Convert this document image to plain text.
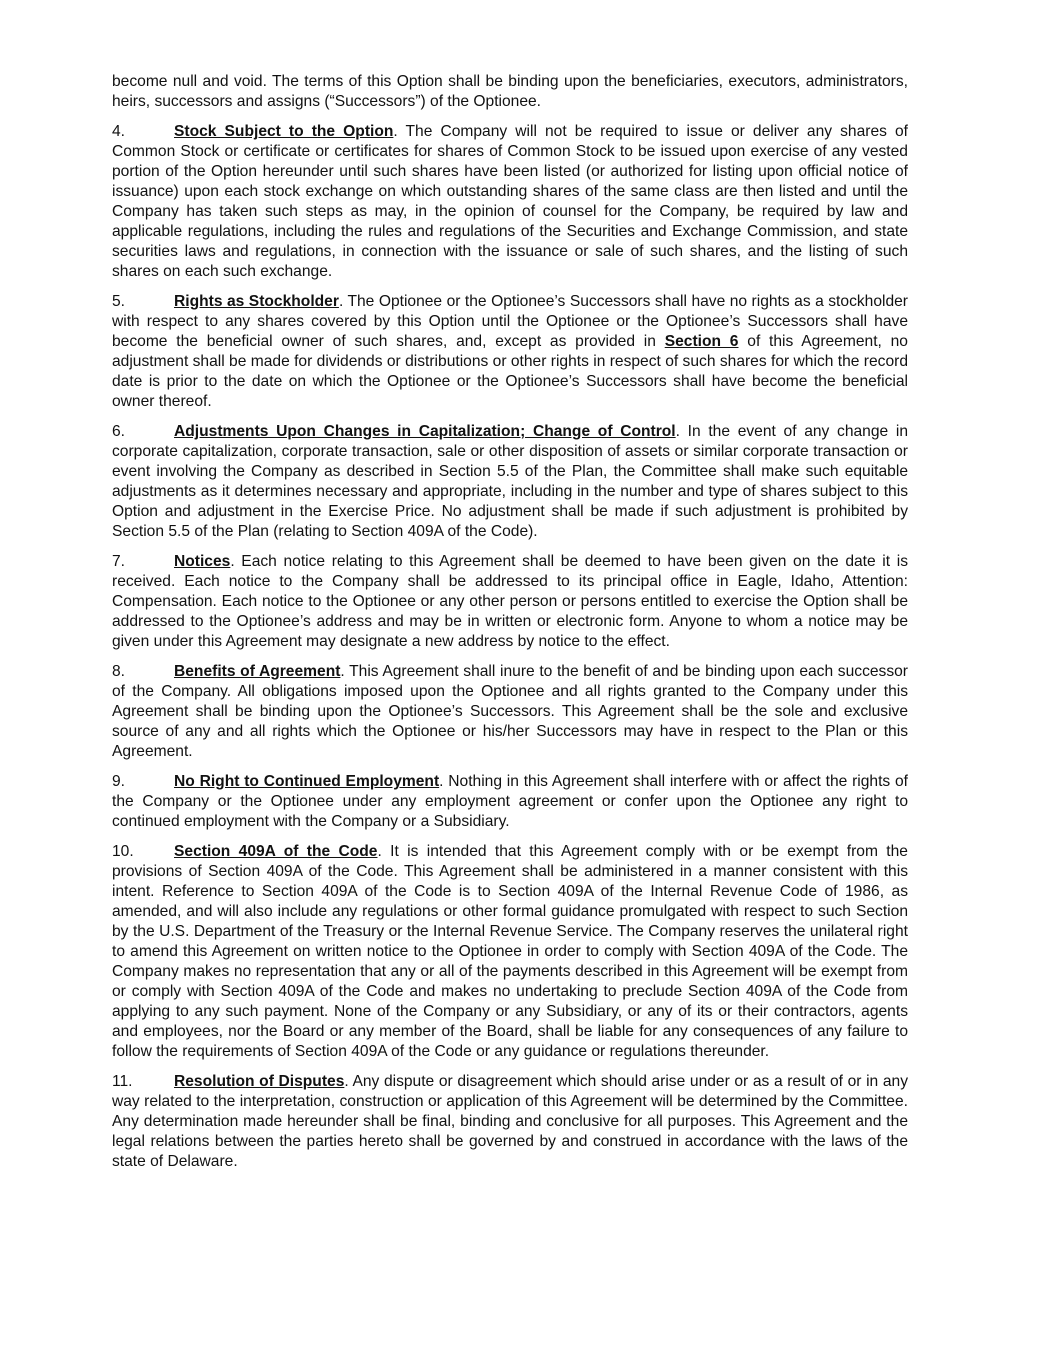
become null and void. The terms of this Option shall be binding upon the beneficiaries, executors, administrators, heirs, successors and assigns (“Successors”) of the Optionee.

4.	Stock Subject to the Option. The Company will not be required to issue or deliver any shares of Common Stock or certificate or certificates for shares of Common Stock to be issued upon exercise of any vested portion of the Option hereunder until such shares have been listed (or authorized for listing upon official notice of issuance) upon each stock exchange on which outstanding shares of the same class are then listed and until the Company has taken such steps as may, in the opinion of counsel for the Company, be required by law and applicable regulations, including the rules and regulations of the Securities and Exchange Commission, and state securities laws and regulations, in connection with the issuance or sale of such shares, and the listing of such shares on each such exchange.

5.	Rights as Stockholder. The Optionee or the Optionee’s Successors shall have no rights as a stockholder with respect to any shares covered by this Option until the Optionee or the Optionee’s Successors shall have become the beneficial owner of such shares, and, except as provided in Section 6 of this Agreement, no adjustment shall be made for dividends or distributions or other rights in respect of such shares for which the record date is prior to the date on which the Optionee or the Optionee’s Successors shall have become the beneficial owner thereof.

6.	Adjustments Upon Changes in Capitalization; Change of Control. In the event of any change in corporate capitalization, corporate transaction, sale or other disposition of assets or similar corporate transaction or event involving the Company as described in Section 5.5 of the Plan, the Committee shall make such equitable adjustments as it determines necessary and appropriate, including in the number and type of shares subject to this Option and adjustment in the Exercise Price. No adjustment shall be made if such adjustment is prohibited by Section 5.5 of the Plan (relating to Section 409A of the Code).

7.	Notices. Each notice relating to this Agreement shall be deemed to have been given on the date it is received. Each notice to the Company shall be addressed to its principal office in Eagle, Idaho, Attention: Compensation. Each notice to the Optionee or any other person or persons entitled to exercise the Option shall be addressed to the Optionee’s address and may be in written or electronic form. Anyone to whom a notice may be given under this Agreement may designate a new address by notice to the effect.

8.	Benefits of Agreement. This Agreement shall inure to the benefit of and be binding upon each successor of the Company. All obligations imposed upon the Optionee and all rights granted to the Company under this Agreement shall be binding upon the Optionee’s Successors. This Agreement shall be the sole and exclusive source of any and all rights which the Optionee or his/her Successors may have in respect to the Plan or this Agreement.

9.	No Right to Continued Employment. Nothing in this Agreement shall interfere with or affect the rights of the Company or the Optionee under any employment agreement or confer upon the Optionee any right to continued employment with the Company or a Subsidiary.

10.	Section 409A of the Code. It is intended that this Agreement comply with or be exempt from the provisions of Section 409A of the Code. This Agreement shall be administered in a manner consistent with this intent. Reference to Section 409A of the Code is to Section 409A of the Internal Revenue Code of 1986, as amended, and will also include any regulations or other formal guidance promulgated with respect to such Section by the U.S. Department of the Treasury or the Internal Revenue Service. The Company reserves the unilateral right to amend this Agreement on written notice to the Optionee in order to comply with Section 409A of the Code. The Company makes no representation that any or all of the payments described in this Agreement will be exempt from or comply with Section 409A of the Code and makes no undertaking to preclude Section 409A of the Code from applying to any such payment. None of the Company or any Subsidiary, or any of its or their contractors, agents and employees, nor the Board or any member of the Board, shall be liable for any consequences of any failure to follow the requirements of Section 409A of the Code or any guidance or regulations thereunder.

11.	Resolution of Disputes. Any dispute or disagreement which should arise under or as a result of or in any way related to the interpretation, construction or application of this Agreement will be determined by the Committee. Any determination made hereunder shall be final, binding and conclusive for all purposes. This Agreement and the legal relations between the parties hereto shall be governed by and construed in accordance with the laws of the state of Delaware.
